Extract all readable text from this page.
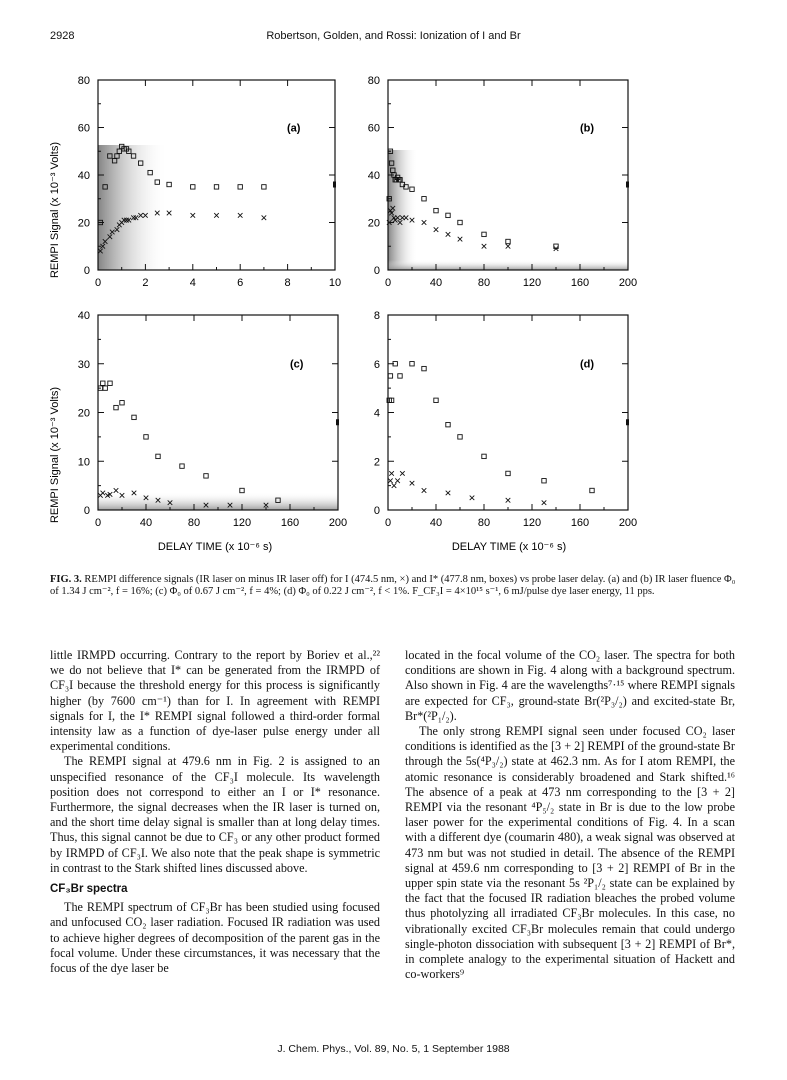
2928	Robertson, Golden, and Rossi: Ionization of I and Br
0	2	4	6	8	10
0
20
40
60
80
(a)
0	40	80	120	160	200
0
20
40
60
80
(b)
0	40	80	120	160	200
0
10
20
30
40
(c)
0	40	80	120	160	200
0
2
4
6
8
(d)
REMPI Signal (x 10⁻³ Volts)
REMPI Signal (x 10⁻³ Volts)
DELAY TIME (x 10⁻⁶ s)	DELAY TIME (x 10⁻⁶ s)
FIG. 3. REMPI difference signals (IR laser on minus IR laser off) for I (474.5 nm, ×) and I* (477.8 nm, boxes) vs probe laser delay. (a) and (b) IR laser fluence Φ₀ of 1.34 J cm⁻², f = 16%; (c) Φ₀ of 0.67 J cm⁻², f = 4%; (d) Φ₀ of 0.22 J cm⁻², f < 1%. F_CF₃I = 4×10¹⁵ s⁻¹, 6 mJ/pulse dye laser energy, 11 pps.

little IRMPD occurring. Contrary to the report by Boriev et al.,²² we do not believe that I* can be generated from the IRMPD of CF₃I because the threshold energy for this process is significantly higher (by 7600 cm⁻¹) than for I. In agreement with REMPI signals for I, the I* REMPI signal followed a third-order formal intensity law as a function of dye-laser pulse energy under all experimental conditions.

The REMPI signal at 479.6 nm in Fig. 2 is assigned to an unspecified resonance of the CF₃I molecule. Its wavelength position does not correspond to either an I or I* resonance. Furthermore, the signal decreases when the IR laser is turned on, and the short time delay signal is smaller than at long delay times. Thus, this signal cannot be due to CF₃ or any other product formed by IRMPD of CF₃I. We also note that the peak shape is symmetric in contrast to the Stark shifted lines discussed above.

CF₃Br spectra

The REMPI spectrum of CF₃Br has been studied using focused and unfocused CO₂ laser radiation. Focused IR radiation was used to achieve higher degrees of decomposition of the parent gas in the focal volume. Under these circumstances, it was necessary that the focus of the dye laser be

located in the focal volume of the CO₂ laser. The spectra for both conditions are shown in Fig. 4 along with a background spectrum. Also shown in Fig. 4 are the wavelengths⁷·¹⁵ where REMPI signals are expected for CF₃, ground-state Br(²P₃/₂) and excited-state Br, Br*(²P₁/₂).

The only strong REMPI signal seen under focused CO₂ laser conditions is identified as the [3 + 2] REMPI of the ground-state Br through the 5s(⁴P₃/₂) state at 462.3 nm. As for I atom REMPI, the atomic resonance is considerably broadened and Stark shifted.¹⁶ The absence of a peak at 473 nm corresponding to the [3 + 2] REMPI via the resonant ⁴P₅/₂ state in Br is due to the low probe laser power for the experimental conditions of Fig. 4. In a scan with a different dye (coumarin 480), a weak signal was observed at 473 nm but was not studied in detail. The absence of the REMPI signal at 459.6 nm corresponding to [3 + 2] REMPI of Br in the upper spin state via the resonant 5s ²P₁/₂ state can be explained by the fact that the focused IR radiation bleaches the probed volume thus photolyzing all irradiated CF₃Br molecules. In this case, no vibrationally excited CF₃Br molecules remain that could undergo single-photon dissociation with subsequent [3 + 2] REMPI of Br*, in complete analogy to the experimental situation of Hackett and co-workers⁹

J. Chem. Phys., Vol. 89, No. 5, 1 September 1988
